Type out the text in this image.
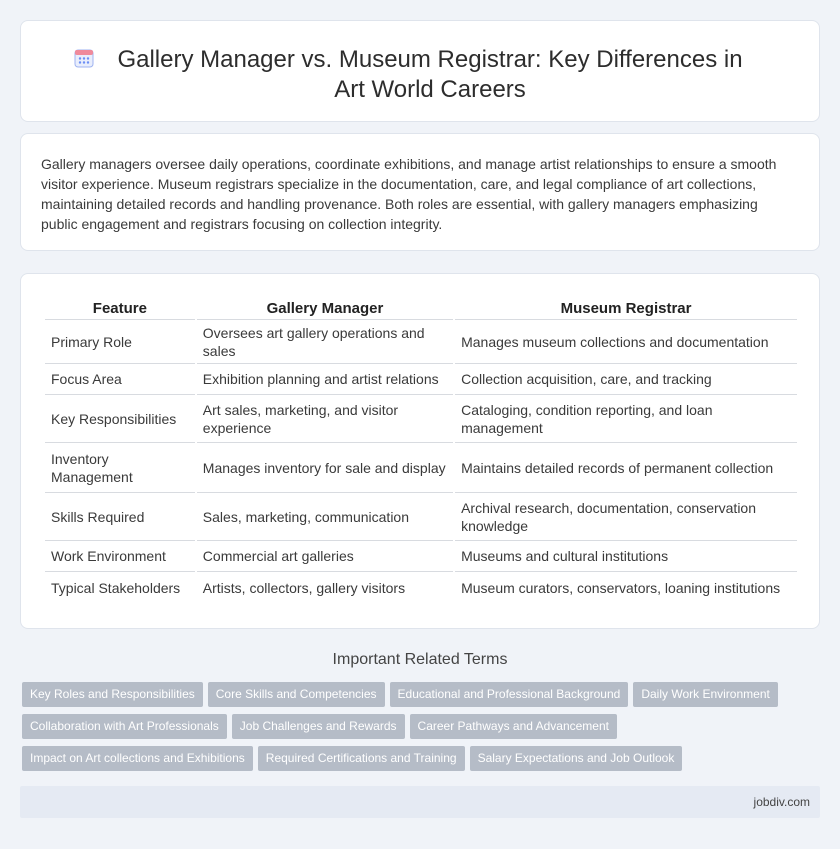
Gallery Manager vs. Museum Registrar: Key Differences in Art World Careers

Gallery managers oversee daily operations, coordinate exhibitions, and manage artist relationships to ensure a smooth visitor experience. Museum registrars specialize in the documentation, care, and legal compliance of art collections, maintaining detailed records and handling provenance. Both roles are essential, with gallery managers emphasizing public engagement and registrars focusing on collection integrity.

Feature	Gallery Manager	Museum Registrar
Primary Role	Oversees art gallery operations and sales	Manages museum collections and documentation
Focus Area	Exhibition planning and artist relations	Collection acquisition, care, and tracking
Key Responsibilities	Art sales, marketing, and visitor experience	Cataloging, condition reporting, and loan management
Inventory Management	Manages inventory for sale and display	Maintains detailed records of permanent collection
Skills Required	Sales, marketing, communication	Archival research, documentation, conservation knowledge
Work Environment	Commercial art galleries	Museums and cultural institutions
Typical Stakeholders	Artists, collectors, gallery visitors	Museum curators, conservators, loaning institutions
Important Related Terms
Key Roles and Responsibilities Core Skills and Competencies Educational and Professional Background Daily Work Environment
Collaboration with Art Professionals Job Challenges and Rewards Career Pathways and Advancement
Impact on Art collections and Exhibitions Required Certifications and Training Salary Expectations and Job Outlook
jobdiv.com
